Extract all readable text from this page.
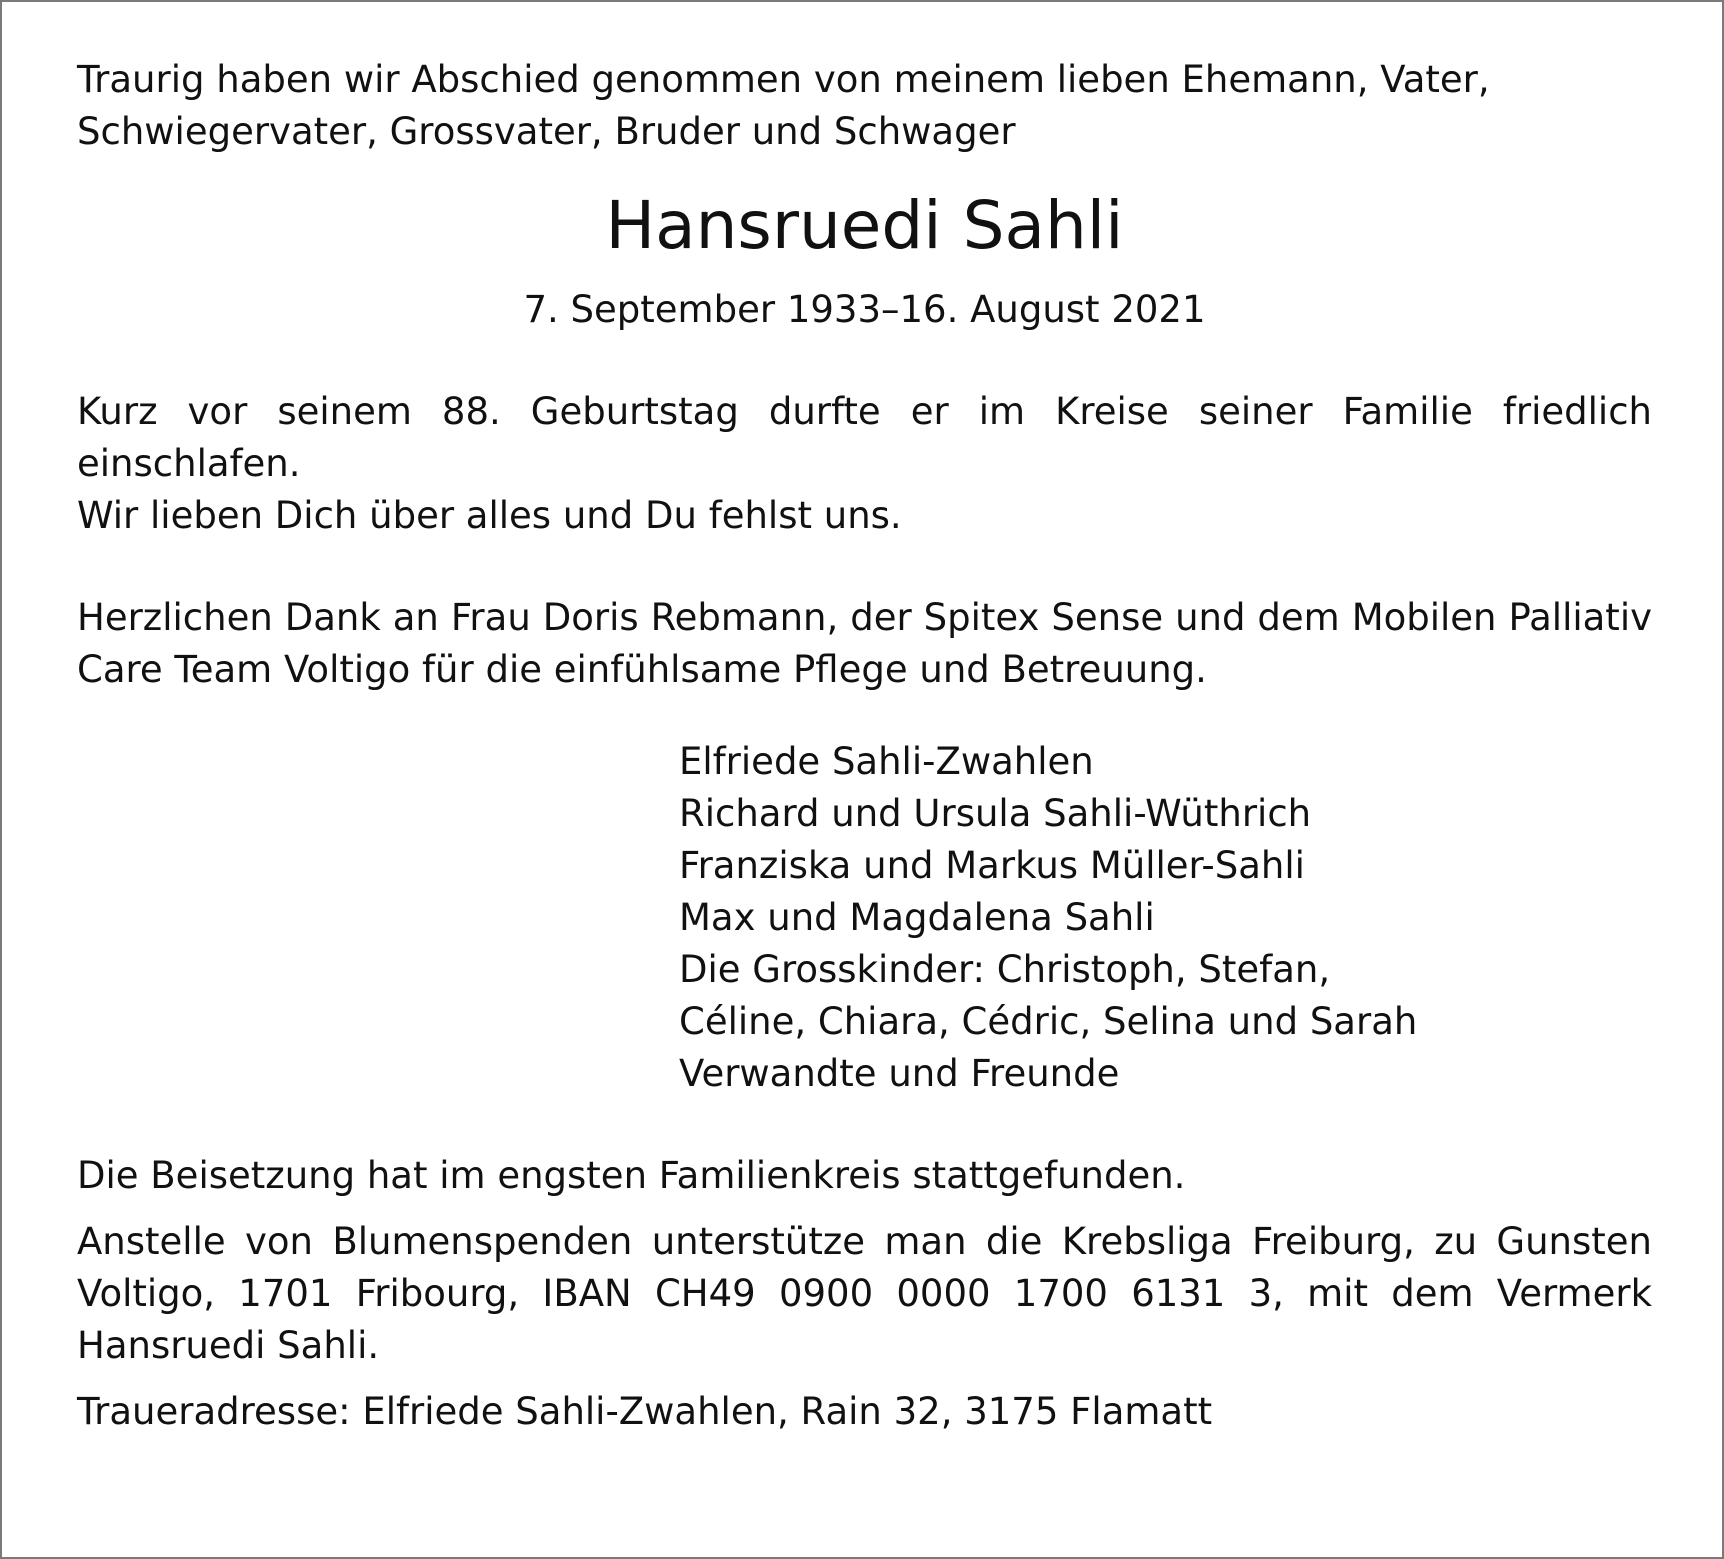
Traurig haben wir Abschied genommen von meinem lieben Ehemann, Vater,
Schwiegervater, Grossvater, Bruder und Schwager
Hansruedi Sahli
7. September 1933–16. August 2021

Kurz vor seinem 88. Geburtstag durfte er im Kreise seiner Familie friedlich einschlafen.

Wir lieben Dich über alles und Du fehlst uns.

Herzlichen Dank an Frau Doris Rebmann, der Spitex Sense und dem Mobilen Palliativ Care Team Voltigo für die einfühlsame Pflege und Betreuung.

Elfriede Sahli-Zwahlen
Richard und Ursula Sahli-Wüthrich
Franziska und Markus Müller-Sahli
Max und Magdalena Sahli
Die Grosskinder: Christoph, Stefan,
Céline, Chiara, Cédric, Selina und Sarah
Verwandte und Freunde

Die Beisetzung hat im engsten Familienkreis stattgefunden.

Anstelle von Blumenspenden unterstütze man die Krebsliga Freiburg, zu Gunsten Voltigo, 1701 Fribourg, IBAN CH49 0900 0000 1700 6131 3, mit dem Vermerk Hansruedi Sahli.

Traueradresse: Elfriede Sahli-Zwahlen, Rain 32, 3175 Flamatt
